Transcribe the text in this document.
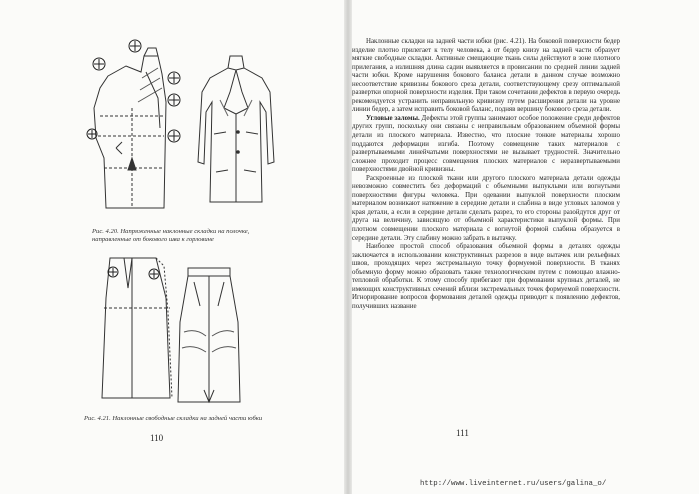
Рис. 4.20. Напряженные наклонные складки на полочке,
направленные от бокового шва к горловине
Рис. 4.21. Наклонные свободные складки на задней части юбки
110

Наклонные складки на задней части юбки (рис. 4.21). На боковой поверхности бедер изделие плотно прилегает к телу человека, а от бедер книзу на задней части образует мягкие свободные складки. Активные смещающие ткань силы действуют в зоне плотного прилегания, а излишняя длина садин выявляется в провисании по средней линии задней части юбки. Кроме нарушения бокового баланса детали в данном случае возможно несоответствие кривизны бокового среза детали, соответствующему срезу оптимальной развертки опорной поверхности изделия. При таком сочетании дефектов в первую очередь рекомендуется устранить неправильную кривизну путем расширения детали на уровне линии бедер, а затем исправить боковой баланс, подняв вершину бокового среза детали.

Угловые заломы. Дефекты этой группы занимают особое положение среди дефектов других групп, поскольку они связаны с неправильным образованием объемной формы детали из плоского материала. Известно, что плоские тонкие материалы хорошо поддаются деформации изгиба. Поэтому совмещение таких материалов с развертываемыми линейчатыми поверхностями не вызывает трудностей. Значительно сложнее проходит процесс совмещения плоских материалов с неразвертываемыми поверхностями двойной кривизны.

Раскроенные из плоской ткани или другого плоского материала детали одежды невозможно совместить без деформаций с объемными выпуклыми или вогнутыми поверхностями фигуры человека. При одевании выпуклой поверхности плоским материалом возникают натяжение в середине детали и слабина в виде угловых заломов у края детали, а если в середине детали сделать разрез, то его стороны разойдутся друг от друга на величину, зависящую от объемной характеристики выпуклой формы. При плотном совмещении плоского материала с вогнутой формой слабина образуется в середине детали. Эту слабину можно забрать в вытачку.

Наиболее простой способ образования объемной формы в деталях одежды заключается в использовании конструктивных разрезов в виде вытачек или рельефных швов, проходящих через экстремальную точку формуемой поверхности. В тканях объемную форму можно образовать также технологическим путем с помощью влажно-тепловой обработки. К этому способу прибегают при формовании крупных деталей, не имеющих конструктивных сечений вблизи экстремальных точек формуемой поверхности. Игнорирование вопросов формования деталей одежды приводит к появлению дефектов, получивших название

111
http://www.liveinternet.ru/users/galina_o/
